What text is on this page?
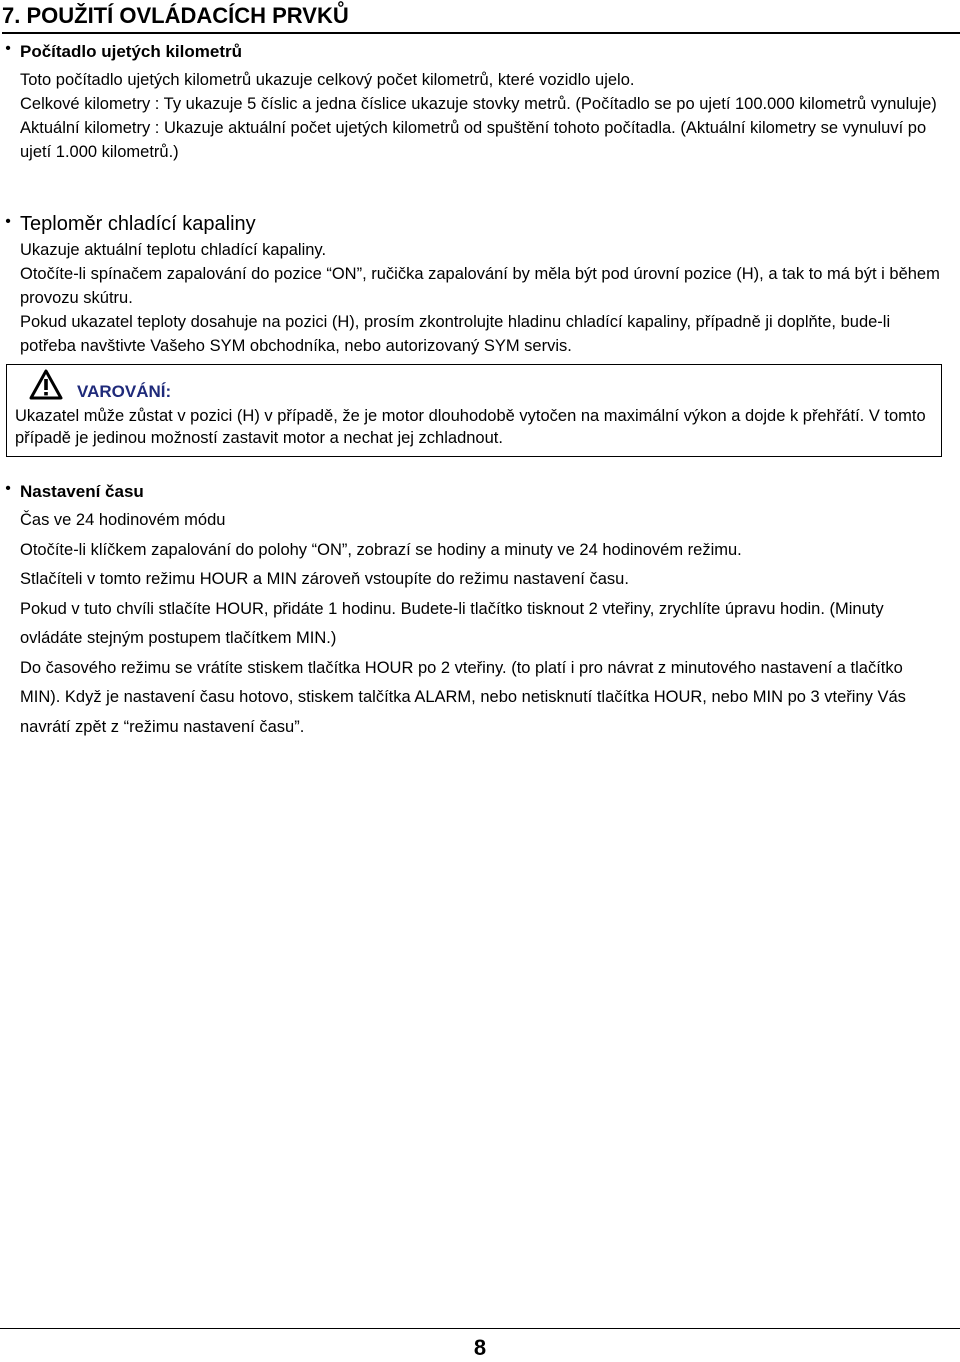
7. POUŽITÍ OVLÁDACÍCH PRVKŮ
• Počítadlo ujetých kilometrů

Toto počítadlo ujetých kilometrů ukazuje celkový počet kilometrů, které vozidlo ujelo.

Celkové kilometry : Ty ukazuje 5 číslic a jedna číslice ukazuje stovky metrů. (Počítadlo se po ujetí 100.000 kilometrů vynuluje)

Aktuální kilometry : Ukazuje aktuální počet ujetých kilometrů od spuštění tohoto počítadla. (Aktuální kilometry se vynuluví po ujetí 1.000 kilometrů.)

• Teploměr chladící kapaliny

Ukazuje aktuální teplotu chladící kapaliny.

Otočíte-li spínačem zapalování do pozice “ON”, ručička zapalování by měla být pod úrovní pozice (H), a tak to má být i během provozu skútru.

Pokud ukazatel teploty dosahuje na pozici (H), prosím zkontrolujte hladinu chladící kapaliny, případně ji doplňte, bude-li potřeba navštivte Vašeho SYM obchodníka, nebo autorizovaný SYM servis.

VAROVÁNÍ:
Ukazatel může zůstat v pozici (H) v případě, že je motor dlouhodobě vytočen na maximální výkon a dojde k přehřátí. V tomto případě je jedinou možností zastavit motor a nechat jej zchladnout.
• Nastavení času

Čas ve 24 hodinovém módu

Otočíte-li klíčkem zapalování do polohy “ON”, zobrazí se hodiny a minuty ve 24 hodinovém režimu.

Stlačíteli v tomto režimu HOUR a MIN zároveň vstoupíte do režimu nastavení času.

Pokud v tuto chvíli stlačíte HOUR, přidáte 1 hodinu. Budete-li tlačítko tisknout 2 vteřiny, zrychlíte úpravu hodin. (Minuty ovládáte stejným postupem tlačítkem MIN.)

Do časového režimu se vrátíte stiskem tlačítka HOUR po 2 vteřiny. (to platí i pro návrat z minutového nastavení a tlačítko MIN). Když je nastavení času hotovo, stiskem talčítka ALARM, nebo netisknutí tlačítka HOUR, nebo MIN po 3 vteřiny Vás navrátí zpět z “režimu nastavení času”.

8
